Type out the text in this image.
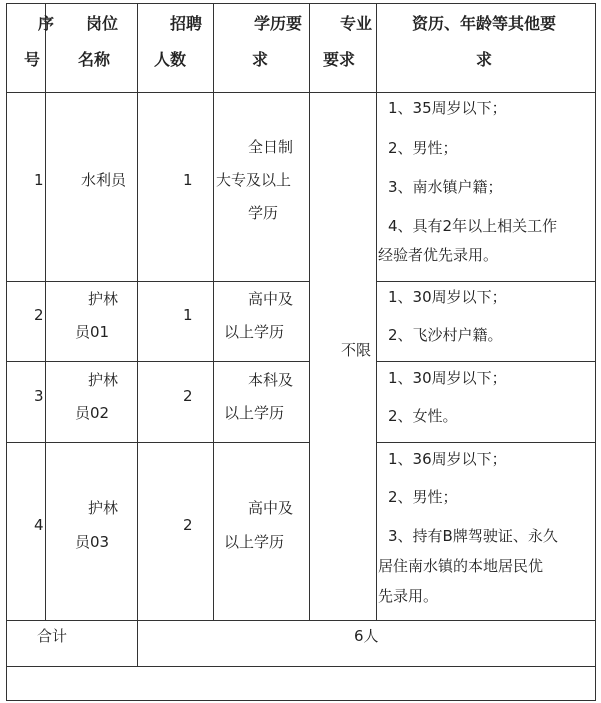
序
号
岗位
名称
招聘
人数
学历要
求
专业
要求
资历、年龄等其他要
求
1 水利员	1
全日制
大专及以上
学历
1、35周岁以下；
2、男性；
3、南水镇户籍；
4、具有2年以上相关工作
经验者优先录用。
2
护林
员01
1
高中及
以上学历
1、30周岁以下；
2、飞沙村户籍。
不限
3
护林
员02
2
本科及
以上学历
1、30周岁以下；
2、女性。
4
护林
员03
2
高中及
以上学历
1、36周岁以下；
2、男性；
3、持有B牌驾驶证、永久
居住南水镇的本地居民优
先录用。
合计	6人
